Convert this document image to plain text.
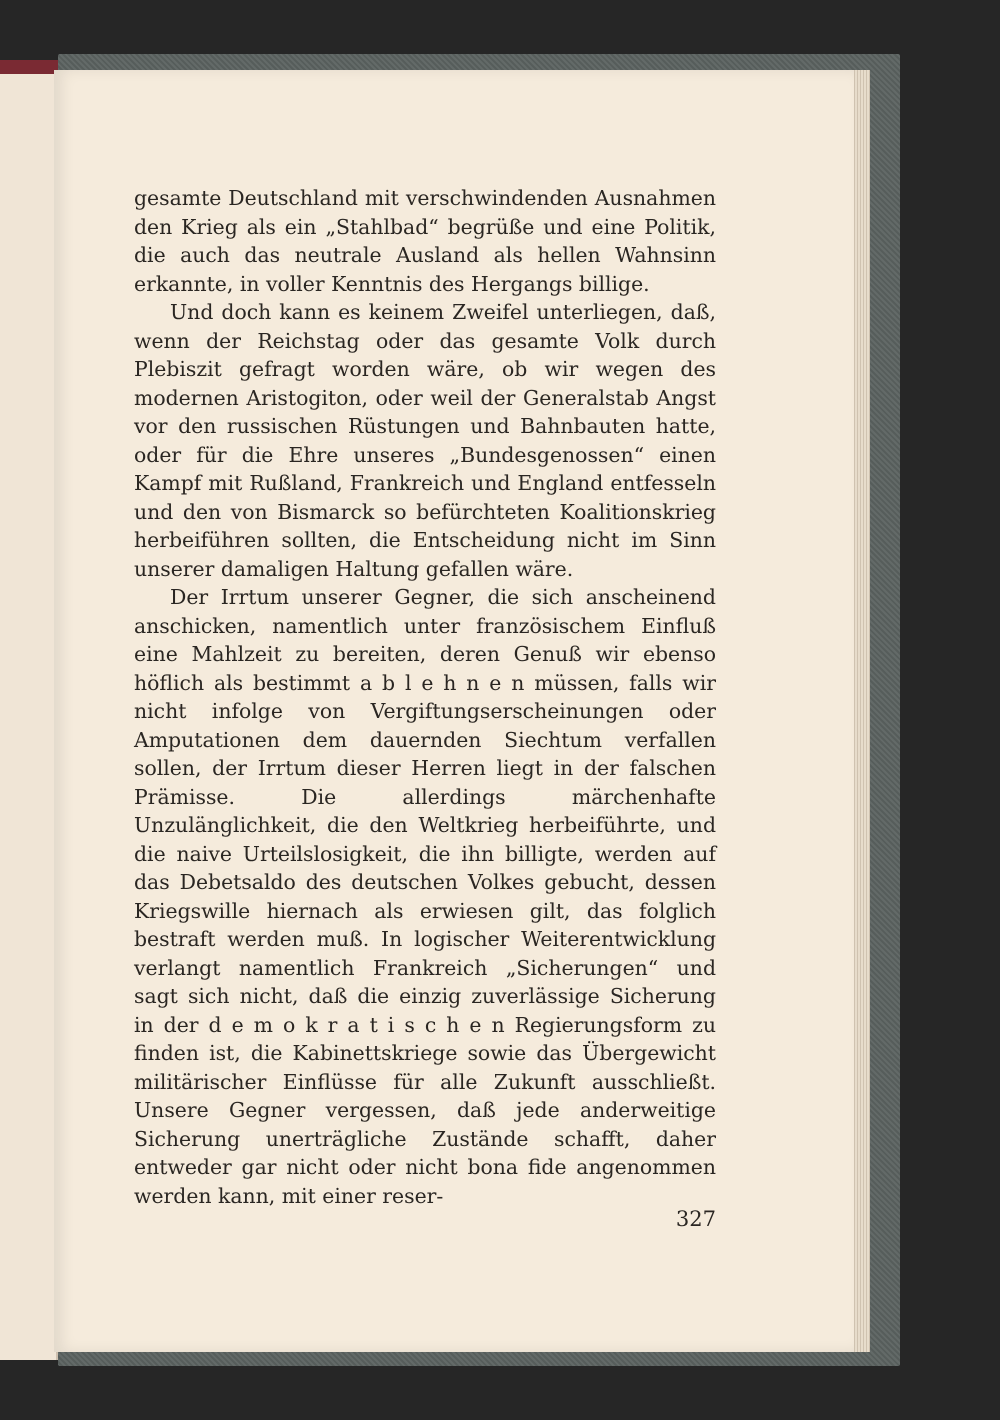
gesamte Deutschland mit verschwindenden Ausnahmen den Krieg als ein „Stahlbad“ begrüße und eine Politik, die auch das neutrale Ausland als hellen Wahnsinn erkannte, in voller Kenntnis des Hergangs billige.

Und doch kann es keinem Zweifel unterliegen, daß, wenn der Reichstag oder das gesamte Volk durch Plebiszit gefragt worden wäre, ob wir wegen des modernen Aristogiton, oder weil der Generalstab Angst vor den russischen Rüstungen und Bahnbauten hatte, oder für die Ehre unseres „Bundesgenossen“ einen Kampf mit Rußland, Frankreich und England entfesseln und den von Bismarck so befürchteten Koalitionskrieg herbeiführen sollten, die Entscheidung nicht im Sinn unserer damaligen Haltung gefallen wäre.

Der Irrtum unserer Gegner, die sich anscheinend anschicken, namentlich unter französischem Einfluß eine Mahlzeit zu bereiten, deren Genuß wir ebenso höflich als bestimmt a b l e h n e n müssen, falls wir nicht infolge von Vergiftungserscheinungen oder Amputationen dem dauernden Siechtum verfallen sollen, der Irrtum dieser Herren liegt in der falschen Prämisse. Die allerdings märchenhafte Unzulänglichkeit, die den Weltkrieg herbeiführte, und die naive Urteilslosigkeit, die ihn billigte, werden auf das Debetsaldo des deutschen Volkes gebucht, dessen Kriegswille hiernach als erwiesen gilt, das folglich bestraft werden muß. In logischer Weiterentwicklung verlangt namentlich Frankreich „Sicherungen“ und sagt sich nicht, daß die einzig zuverlässige Sicherung in der d e m o k r a t i s c h e n Regierungsform zu finden ist, die Kabinettskriege sowie das Übergewicht militärischer Einflüsse für alle Zukunft ausschließt. Unsere Gegner vergessen, daß jede anderweitige Sicherung unerträgliche Zustände schafft, daher entweder gar nicht oder nicht bona fide angenommen werden kann, mit einer reser-

327
